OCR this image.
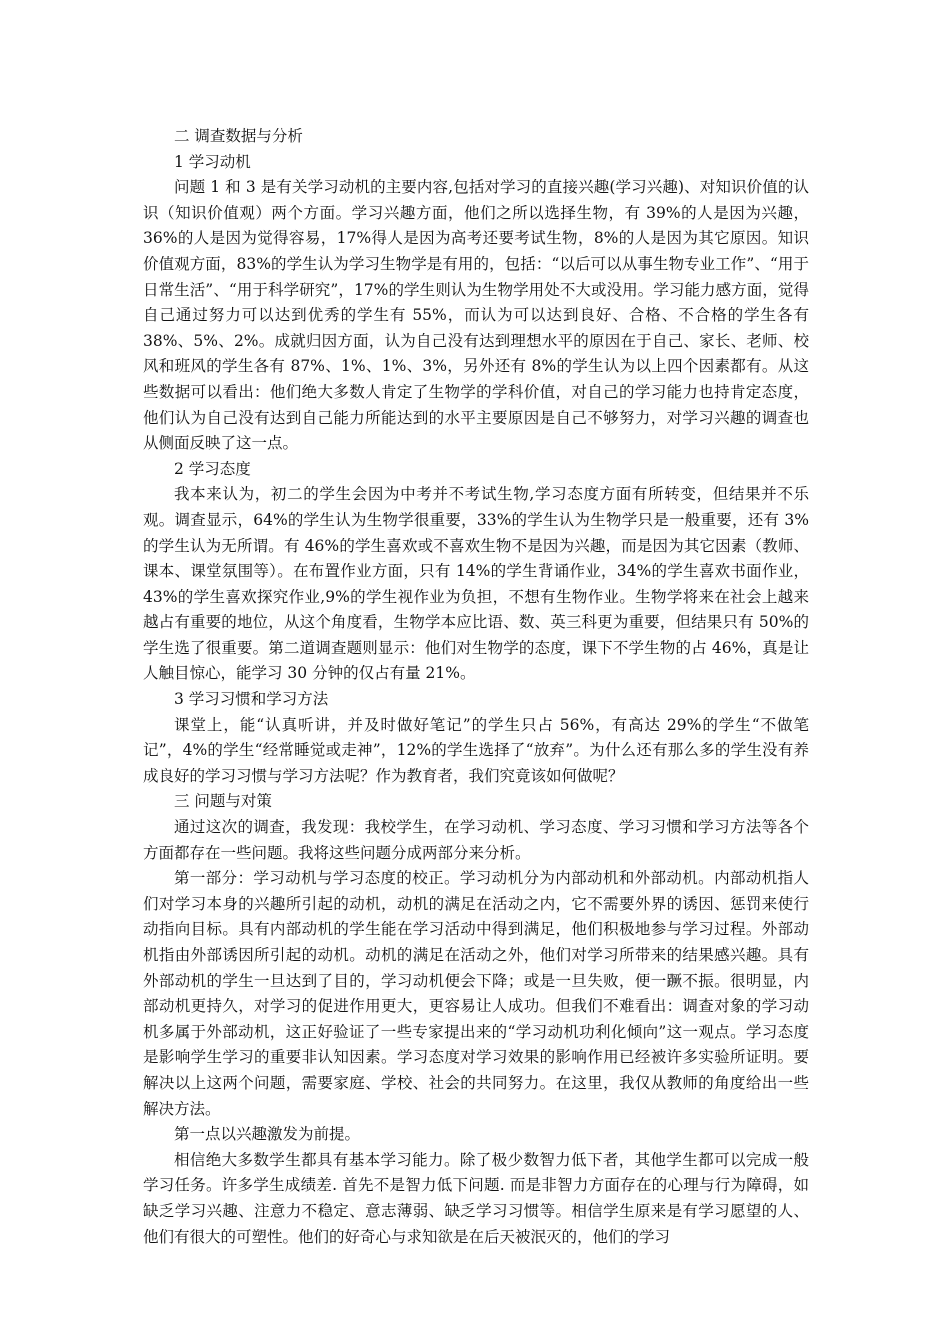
二 调查数据与分析

1 学习动机

问题 1 和 3 是有关学习动机的主要内容,包括对学习的直接兴趣(学习兴趣)、对知识价值的认识（知识价值观）两个方面。学习兴趣方面，他们之所以选择生物，有 39%的人是因为兴趣，36%的人是因为觉得容易，17%得人是因为高考还要考试生物，8%的人是因为其它原因。知识价值观方面，83%的学生认为学习生物学是有用的，包括：“以后可以从事生物专业工作”、“用于日常生活”、“用于科学研究”，17%的学生则认为生物学用处不大或没用。学习能力感方面，觉得自己通过努力可以达到优秀的学生有 55%，而认为可以达到良好、合格、不合格的学生各有 38%、5%、2%。成就归因方面，认为自己没有达到理想水平的原因在于自己、家长、老师、校风和班风的学生各有 87%、1%、1%、3%，另外还有 8%的学生认为以上四个因素都有。从这些数据可以看出：他们绝大多数人肯定了生物学的学科价值，对自己的学习能力也持肯定态度，他们认为自己没有达到自己能力所能达到的水平主要原因是自己不够努力，对学习兴趣的调查也从侧面反映了这一点。

2 学习态度

我本来认为，初二的学生会因为中考并不考试生物,学习态度方面有所转变，但结果并不乐观。调查显示，64%的学生认为生物学很重要，33%的学生认为生物学只是一般重要，还有 3%的学生认为无所谓。有 46%的学生喜欢或不喜欢生物不是因为兴趣，而是因为其它因素（教师、课本、课堂氛围等）。在布置作业方面，只有 14%的学生背诵作业，34%的学生喜欢书面作业，43%的学生喜欢探究作业,9%的学生视作业为负担，不想有生物作业。生物学将来在社会上越来越占有重要的地位，从这个角度看，生物学本应比语、数、英三科更为重要，但结果只有 50%的学生选了很重要。第二道调查题则显示：他们对生物学的态度，课下不学生物的占 46%，真是让人触目惊心，能学习 30 分钟的仅占有量 21%。

3 学习习惯和学习方法

课堂上，能“认真听讲，并及时做好笔记”的学生只占 56%，有高达 29%的学生“不做笔记”，4%的学生“经常睡觉或走神”，12%的学生选择了“放弃”。为什么还有那么多的学生没有养成良好的学习习惯与学习方法呢？作为教育者，我们究竟该如何做呢？

三 问题与对策

通过这次的调查，我发现：我校学生，在学习动机、学习态度、学习习惯和学习方法等各个方面都存在一些问题。我将这些问题分成两部分来分析。

第一部分：学习动机与学习态度的校正。学习动机分为内部动机和外部动机。内部动机指人们对学习本身的兴趣所引起的动机，动机的满足在活动之内，它不需要外界的诱因、惩罚来使行动指向目标。具有内部动机的学生能在学习活动中得到满足，他们积极地参与学习过程。外部动机指由外部诱因所引起的动机。动机的满足在活动之外，他们对学习所带来的结果感兴趣。具有外部动机的学生一旦达到了目的，学习动机便会下降；或是一旦失败，便一蹶不振。很明显，内部动机更持久，对学习的促进作用更大，更容易让人成功。但我们不难看出：调查对象的学习动机多属于外部动机，这正好验证了一些专家提出来的“学习动机功利化倾向”这一观点。学习态度是影响学生学习的重要非认知因素。学习态度对学习效果的影响作用已经被许多实验所证明。要解决以上这两个问题，需要家庭、学校、社会的共同努力。在这里，我仅从教师的角度给出一些解决方法。

第一点以兴趣激发为前提。

相信绝大多数学生都具有基本学习能力。除了极少数智力低下者，其他学生都可以完成一般学习任务。许多学生成绩差. 首先不是智力低下问题. 而是非智力方面存在的心理与行为障碍，如缺乏学习兴趣、注意力不稳定、意志薄弱、缺乏学习习惯等。相信学生原来是有学习愿望的人、他们有很大的可塑性。他们的好奇心与求知欲是在后天被泯灭的，他们的学习
